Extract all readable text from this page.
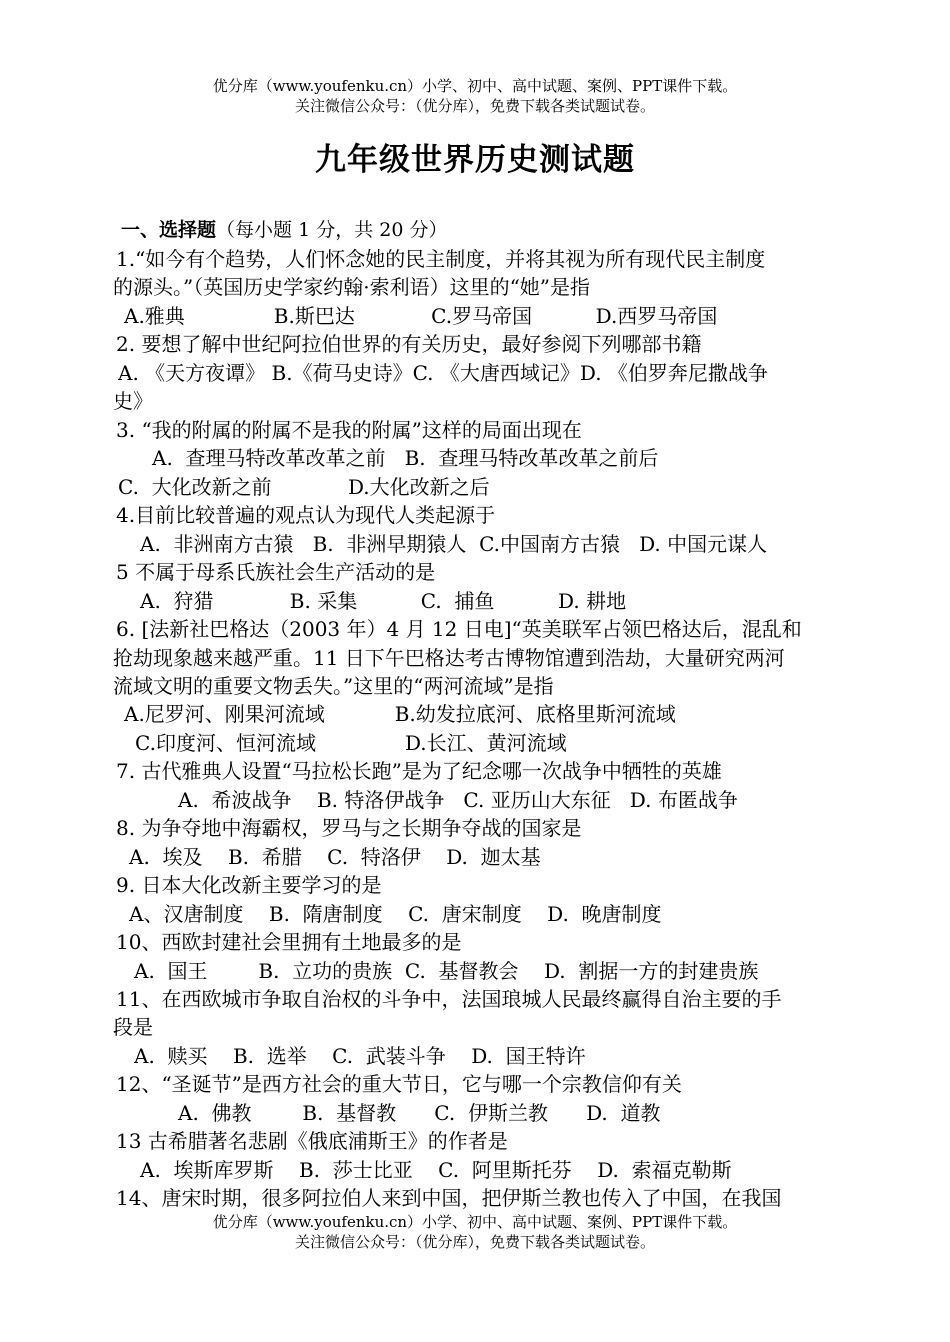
优分库（www.youfenku.cn）小学、初中、高中试题、案例、PPT课件下载。
关注微信公众号：（优分库），免费下载各类试题试卷。
九年级世界历史测试题
一、选择题（每小题 1 分，共 20 分）
1.“如今有个趋势，人们怀念她的民主制度，并将其视为所有现代民主制度
的源头。”（英国历史学家约翰·索利语）这里的“她”是指
A.雅典              B.斯巴达            C.罗马帝国          D.西罗马帝国
2. 要想了解中世纪阿拉伯世界的有关历史，最好参阅下列哪部书籍
A. 《天方夜谭》 B.《荷马史诗》C. 《大唐西域记》D. 《伯罗奔尼撒战争
史》
3. “我的附属的附属不是我的附属”这样的局面出现在
A.  查理马特改革改革之前   B.  查理马特改革改革之前后
C.  大化改新之前            D.大化改新之后
4.目前比较普遍的观点认为现代人类起源于
A.  非洲南方古猿   B.  非洲早期猿人  C.中国南方古猿   D. 中国元谋人
5 不属于母系氏族社会生产活动的是
A.  狩猎            B. 采集          C.  捕鱼          D. 耕地
6. [法新社巴格达（2003 年）4 月 12 日电]“英美联军占领巴格达后，混乱和
抢劫现象越来越严重。11 日下午巴格达考古博物馆遭到浩劫，大量研究两河
流域文明的重要文物丢失。”这里的“两河流域”是指
A.尼罗河、刚果河流域           B.幼发拉底河、底格里斯河流域
C.印度河、恒河流域              D.长江、黄河流域
7. 古代雅典人设置“马拉松长跑”是为了纪念哪一次战争中牺牲的英雄
A.  希波战争    B. 特洛伊战争   C. 亚历山大东征   D. 布匿战争
8. 为争夺地中海霸权，罗马与之长期争夺战的国家是
A.  埃及    B.  希腊    C.  特洛伊    D.  迦太基
9. 日本大化改新主要学习的是
A、汉唐制度    B.  隋唐制度    C.  唐宋制度    D.  晚唐制度
10、西欧封建社会里拥有土地最多的是
A.  国王        B.  立功的贵族  C.  基督教会    D.  割据一方的封建贵族
11、在西欧城市争取自治权的斗争中，法国琅城人民最终赢得自治主要的手
段是
A.  赎买    B.  选举    C.  武装斗争    D.  国王特许
12、“圣诞节”是西方社会的重大节日，它与哪一个宗教信仰有关
A.  佛教        B.  基督教      C.  伊斯兰教      D.  道教
13 古希腊著名悲剧《俄底浦斯王》的作者是
A.  埃斯库罗斯    B.  莎士比亚    C.  阿里斯托芬    D.  索福克勒斯
14、唐宋时期，很多阿拉伯人来到中国，把伊斯兰教也传入了中国，在我国
优分库（www.youfenku.cn）小学、初中、高中试题、案例、PPT课件下载。
关注微信公众号：（优分库），免费下载各类试题试卷。
